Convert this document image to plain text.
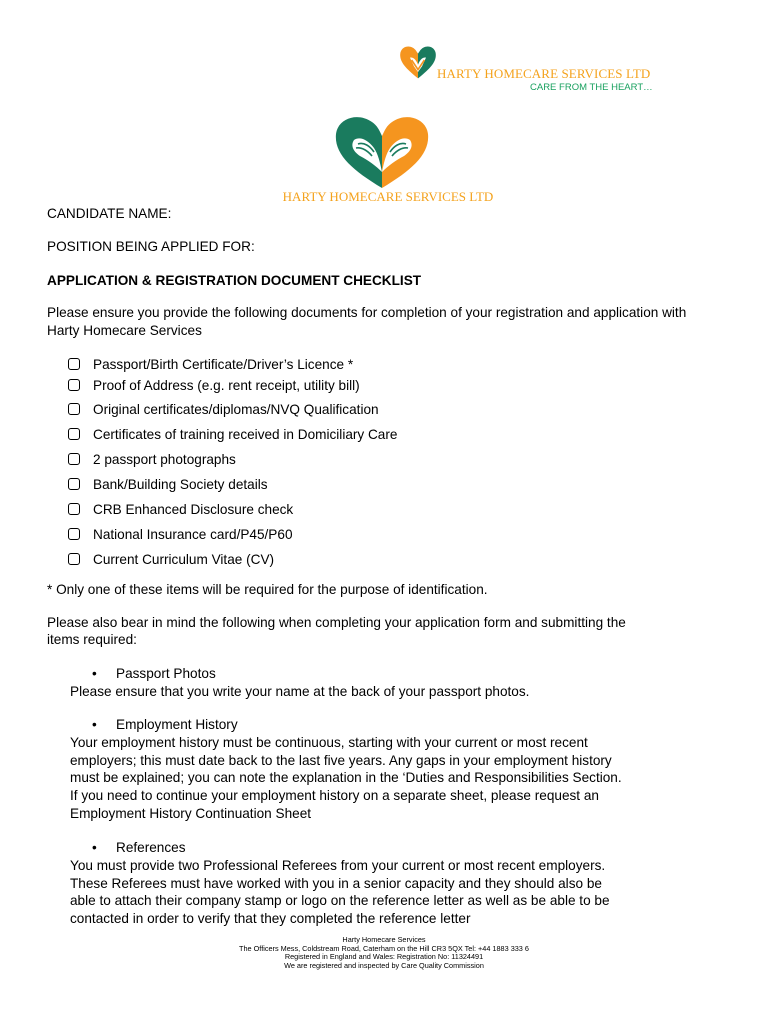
HARTY HOMECARE SERVICES LTD
CARE FROM THE HEART…
HARTY HOMECARE SERVICES LTD
CANDIDATE NAME:
POSITION BEING APPLIED FOR:
APPLICATION & REGISTRATION DOCUMENT CHECKLIST
Please ensure you provide the following documents for completion of your registration and application with
Harty Homecare Services
Passport/Birth Certificate/Driver’s Licence *
Proof of Address (e.g. rent receipt, utility bill)
Original certificates/diplomas/NVQ Qualification
Certificates of training received in Domiciliary Care
2 passport photographs
Bank/Building Society details
CRB Enhanced Disclosure check
National Insurance card/P45/P60
Current Curriculum Vitae (CV)
* Only one of these items will be required for the purpose of identification.
Please also bear in mind the following when completing your application form and submitting the
items required:
• Passport Photos
Please ensure that you write your name at the back of your passport photos.
• Employment History
Your employment history must be continuous, starting with your current or most recent
employers; this must date back to the last five years. Any gaps in your employment history
must be explained; you can note the explanation in the ‘Duties and Responsibilities Section.
If you need to continue your employment history on a separate sheet, please request an
Employment History Continuation Sheet
• References
You must provide two Professional Referees from your current or most recent employers.
These Referees must have worked with you in a senior capacity and they should also be
able to attach their company stamp or logo on the reference letter as well as be able to be
contacted in order to verify that they completed the reference letter
Harty Homecare Services
The Officers Mess, Coldstream Road, Caterham on the Hill CR3 5QX Tel: +44 1883 333 6
Registered in England and Wales: Registration No: 11324491
We are registered and inspected by Care Quality Commission
